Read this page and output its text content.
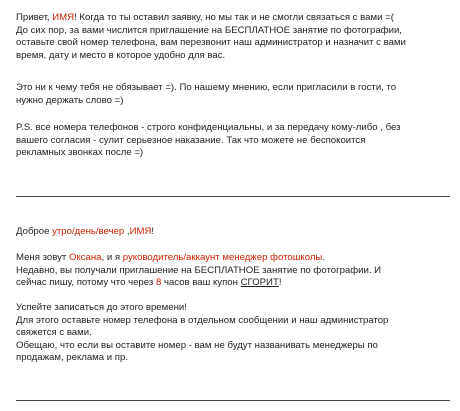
Привет, ИМЯ! Когда то ты оставил заявку, но мы так и не смогли связаться с вами =(
До сих пор, за вами числится приглашение на БЕСПЛАТНОЕ занятие по фотографии,
оставьте свой номер телефона, вам перезвонит наш администратор и назначит с вами
время, дату и место в которое удобно для вас.

Это ни к чему тебя не обязывает =). По нашему мнению, если пригласили в гости, то
нужно держать слово =)

P.S. все номера телефонов - строго конфиденциальны, и за передачу кому-либо , без
вашего согласия - сулит серьезное наказание. Так что можете не беспокоится
рекламных звонках после =)

Доброе утро/день/вечер ,ИМЯ!

Меня зовут Оксана, и я руководитель/аккаунт менеджер фотошколы.
Недавно, вы получали приглашение на БЕСПЛАТНОЕ занятие по фотографии. И
сейчас пишу, потому что через 8 часов ваш купон СГОРИТ!

Успейте записаться до этого времени!
Для этого оставьте номер телефона в отдельном сообщении и наш администратор
свяжется с вами.
Обещаю, что если вы оставите номер - вам не будут названивать менеджеры по
продажам, реклама и пр.
